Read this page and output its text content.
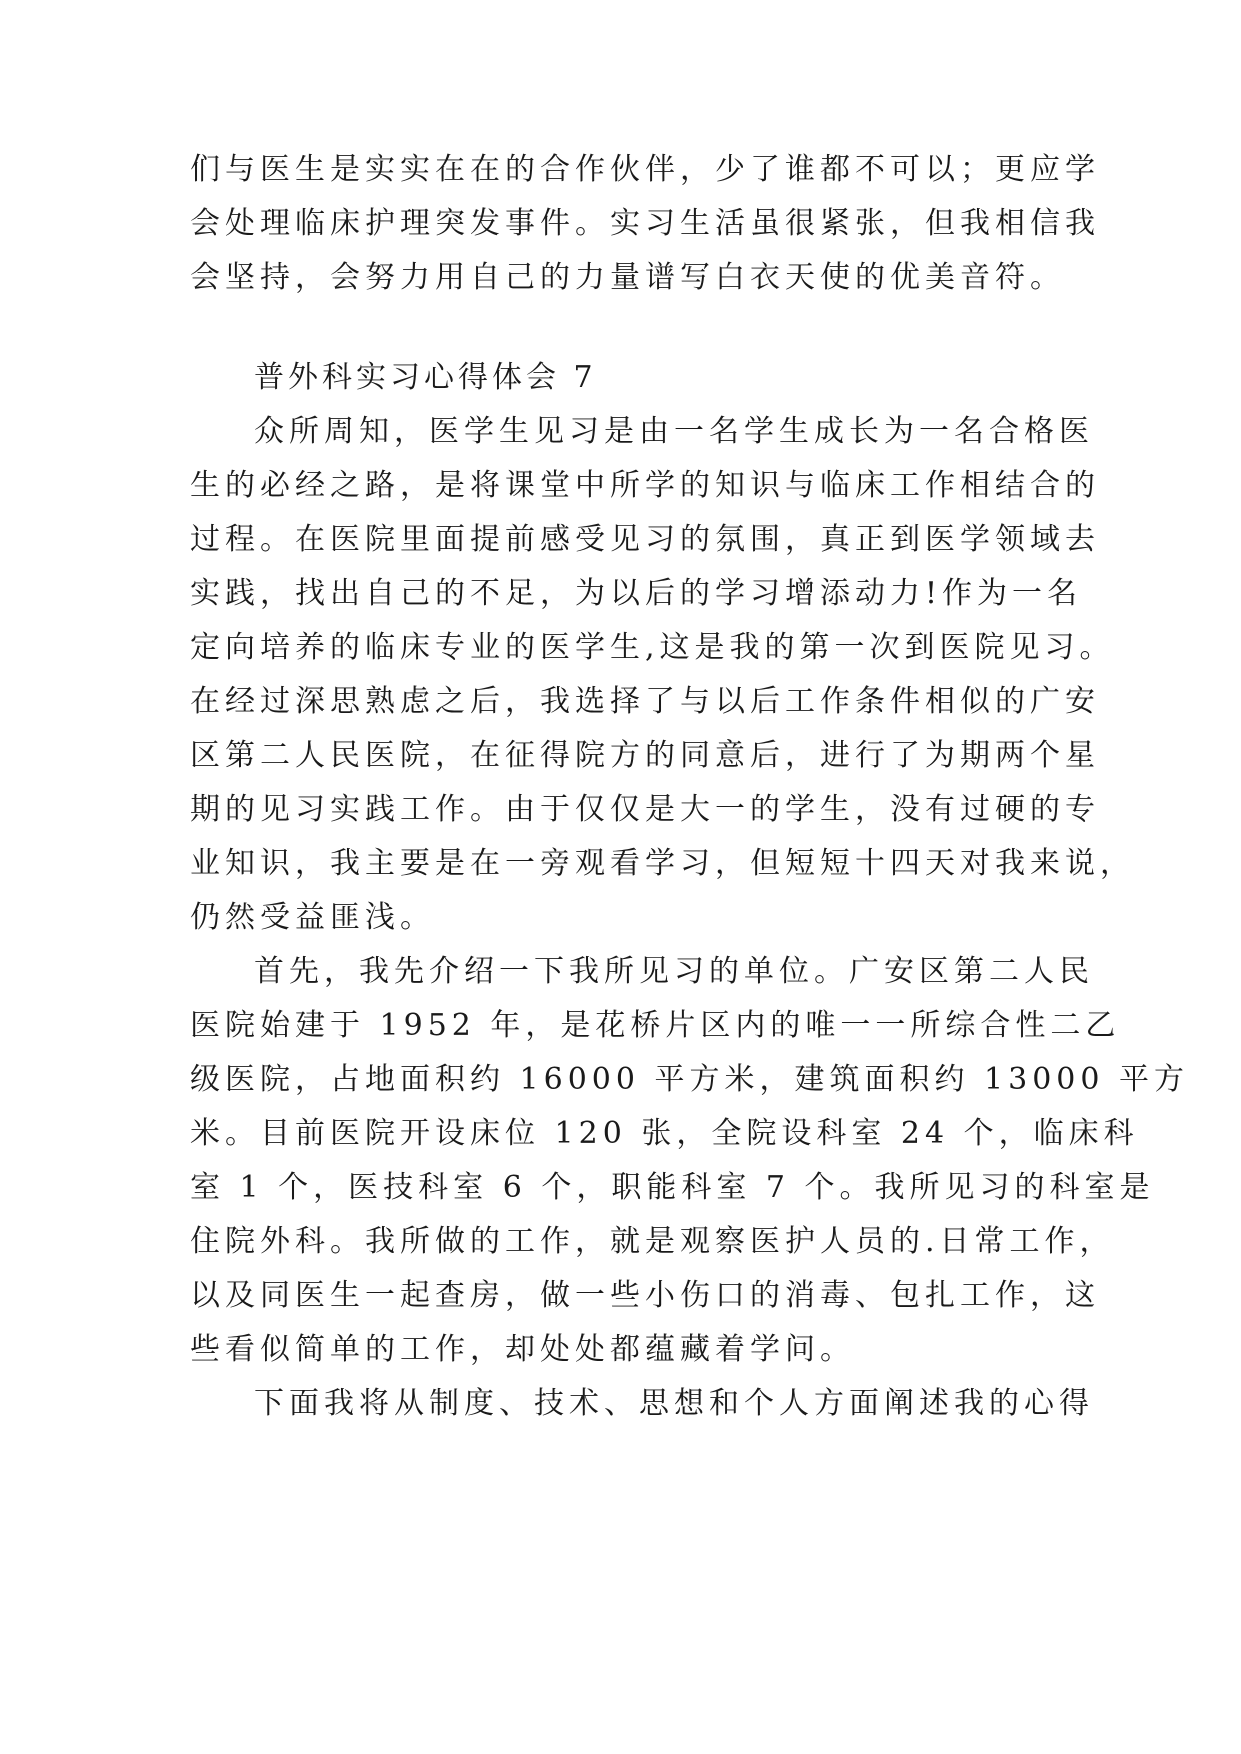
们与医生是实实在在的合作伙伴，少了谁都不可以；更应学
会处理临床护理突发事件。实习生活虽很紧张，但我相信我
会坚持，会努力用自己的力量谱写白衣天使的优美音符。
普外科实习心得体会 7
众所周知，医学生见习是由一名学生成长为一名合格医
生的必经之路，是将课堂中所学的知识与临床工作相结合的
过程。在医院里面提前感受见习的氛围，真正到医学领域去
实践，找出自己的不足，为以后的学习增添动力!作为一名
定向培养的临床专业的医学生,这是我的第一次到医院见习。
在经过深思熟虑之后，我选择了与以后工作条件相似的广安
区第二人民医院，在征得院方的同意后，进行了为期两个星
期的见习实践工作。由于仅仅是大一的学生，没有过硬的专
业知识，我主要是在一旁观看学习，但短短十四天对我来说，
仍然受益匪浅。
首先，我先介绍一下我所见习的单位。广安区第二人民
医院始建于 1952 年，是花桥片区内的唯一一所综合性二乙
级医院，占地面积约 16000 平方米，建筑面积约 13000 平方
米。目前医院开设床位 120 张，全院设科室 24 个，临床科
室 1 个，医技科室 6 个，职能科室 7 个。我所见习的科室是
住院外科。我所做的工作，就是观察医护人员的.日常工作，
以及同医生一起查房，做一些小伤口的消毒、包扎工作，这
些看似简单的工作，却处处都蕴藏着学问。
下面我将从制度、技术、思想和个人方面阐述我的心得
